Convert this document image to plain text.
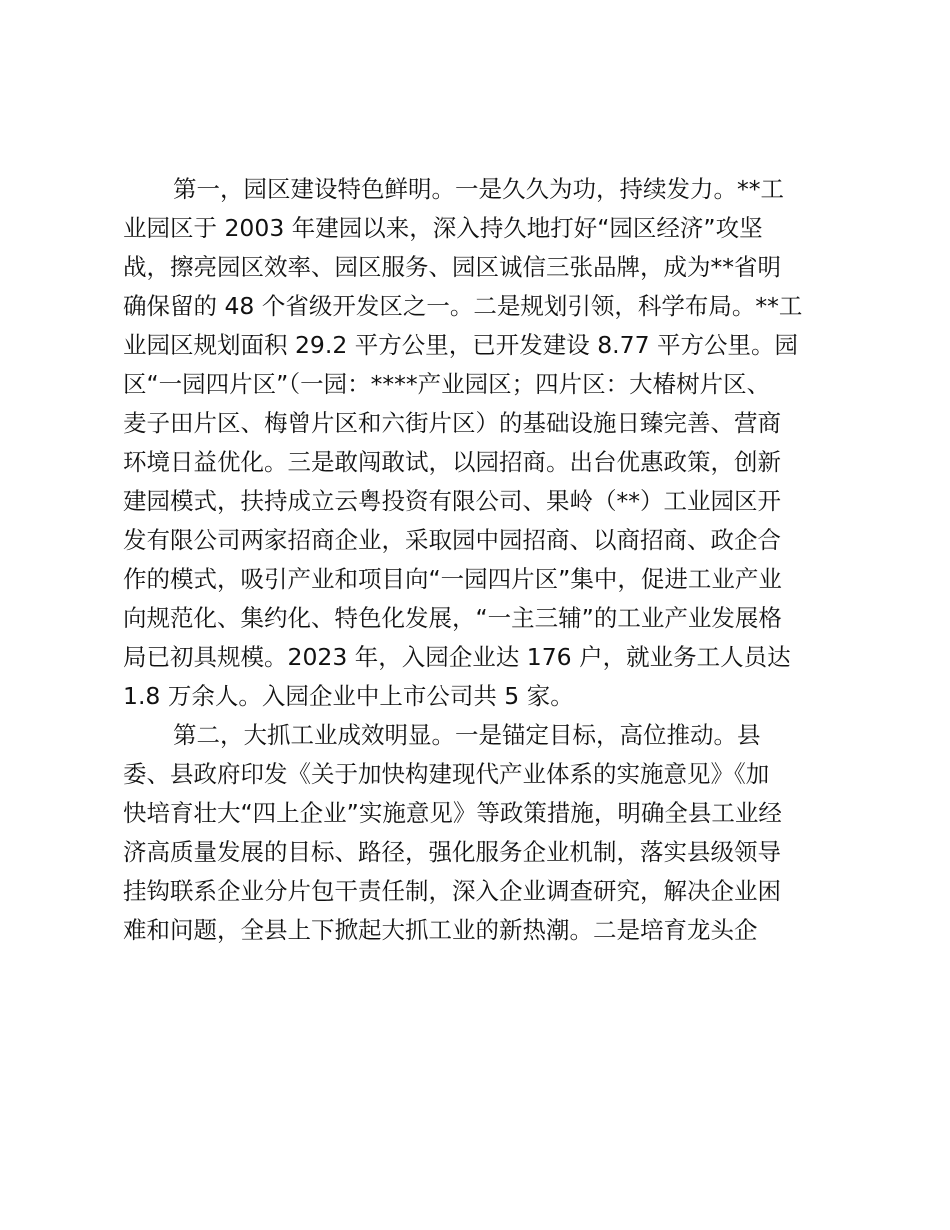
第一，园区建设特色鲜明。一是久久为功，持续发力。**工
业园区于 2003 年建园以来，深入持久地打好“园区经济”攻坚
战，擦亮园区效率、园区服务、园区诚信三张品牌，成为**省明
确保留的 48 个省级开发区之一。二是规划引领，科学布局。**工
业园区规划面积 29.2 平方公里，已开发建设 8.77 平方公里。园
区“一园四片区”（一园：****产业园区；四片区：大椿树片区、
麦子田片区、梅曾片区和六街片区）的基础设施日臻完善、营商
环境日益优化。三是敢闯敢试，以园招商。出台优惠政策，创新
建园模式，扶持成立云粤投资有限公司、果岭（**）工业园区开
发有限公司两家招商企业，采取园中园招商、以商招商、政企合
作的模式，吸引产业和项目向“一园四片区”集中，促进工业产业
向规范化、集约化、特色化发展，“一主三辅”的工业产业发展格
局已初具规模。2023 年，入园企业达 176 户，就业务工人员达
1.8 万余人。入园企业中上市公司共 5 家。
第二，大抓工业成效明显。一是锚定目标，高位推动。县
委、县政府印发《关于加快构建现代产业体系的实施意见》《加
快培育壮大“四上企业”实施意见》等政策措施，明确全县工业经
济高质量发展的目标、路径，强化服务企业机制，落实县级领导
挂钩联系企业分片包干责任制，深入企业调查研究，解决企业困
难和问题，全县上下掀起大抓工业的新热潮。二是培育龙头企
